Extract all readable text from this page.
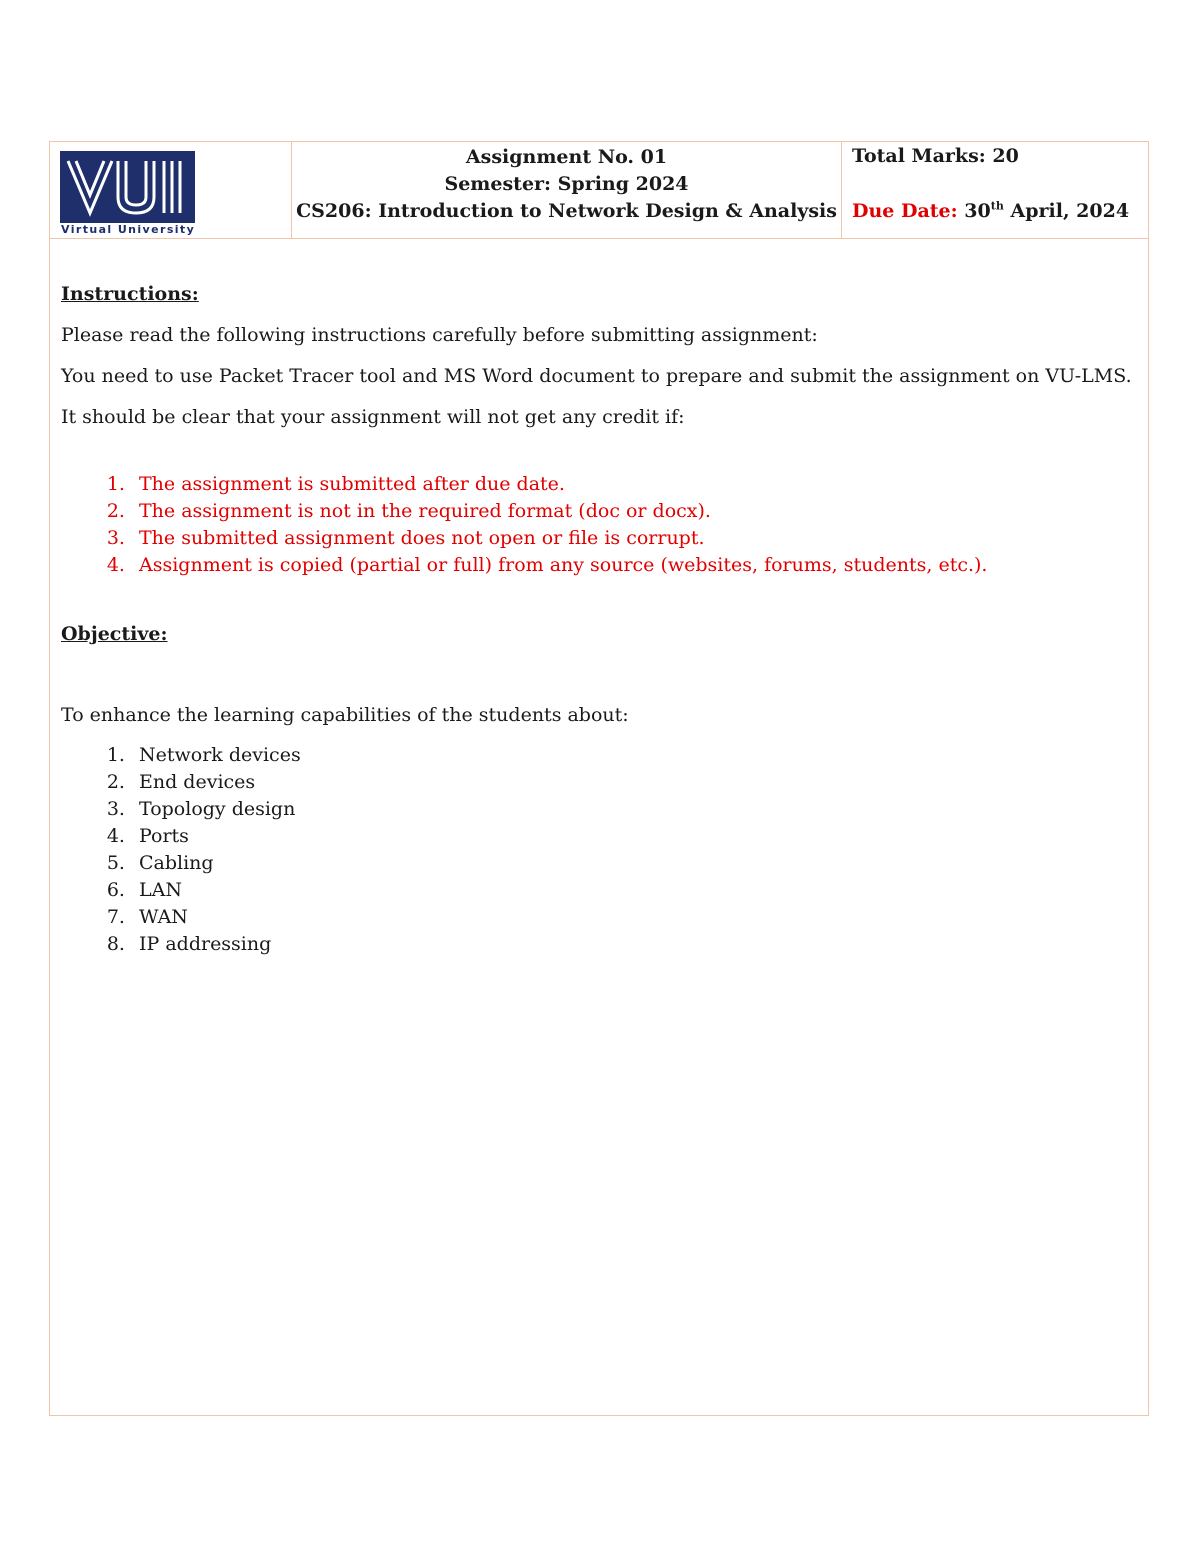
Virtual University
Assignment No. 01
Semester: Spring 2024
CS206: Introduction to Network Design & Analysis
Total Marks: 20
Due Date: 30th April, 2024

Instructions:

Please read the following instructions carefully before submitting assignment:

You need to use Packet Tracer tool and MS Word document to prepare and submit the assignment on VU-LMS.

It should be clear that your assignment will not get any credit if:

1. The assignment is submitted after due date.
2. The assignment is not in the required format (doc or docx).
3. The submitted assignment does not open or file is corrupt.
4. Assignment is copied (partial or full) from any source (websites, forums, students, etc.).

Objective:

To enhance the learning capabilities of the students about:

1. Network devices
2. End devices
3. Topology design
4. Ports
5. Cabling
6. LAN
7. WAN
8. IP addressing
